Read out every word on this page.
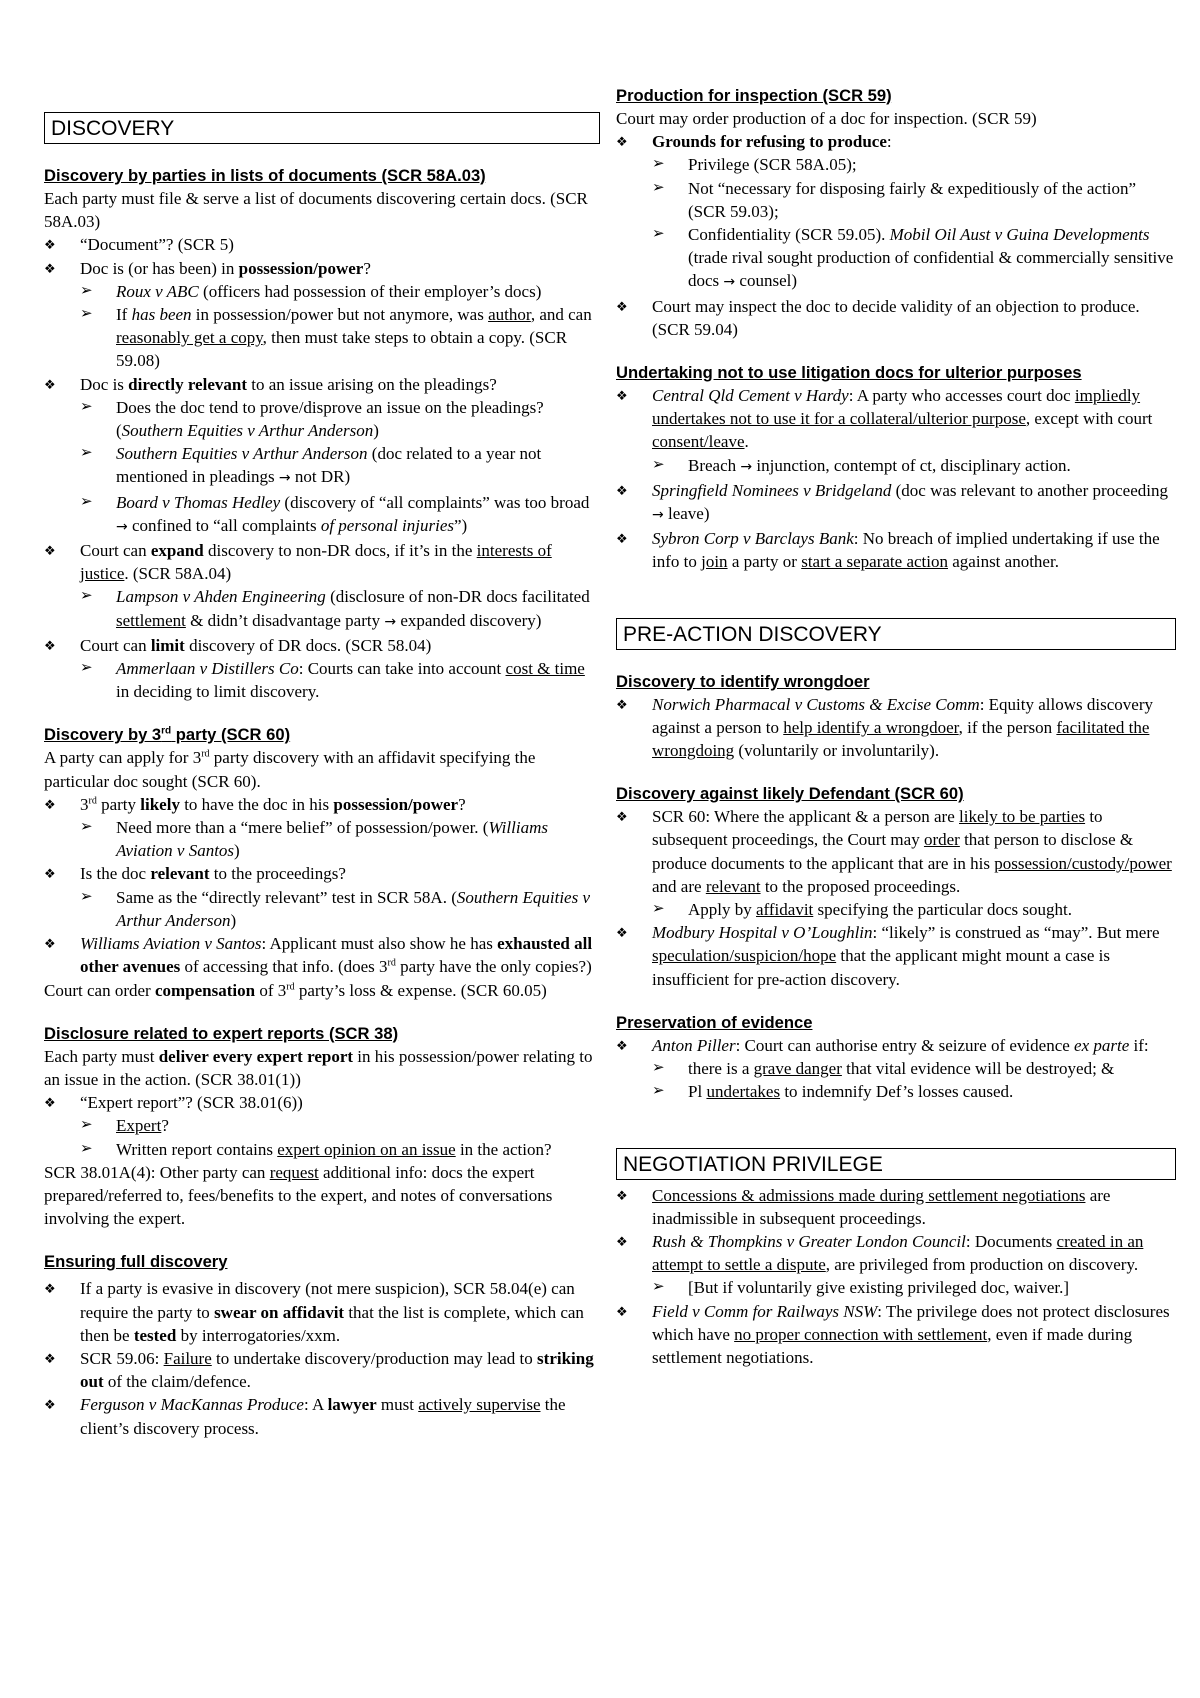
DISCOVERY
Discovery by parties in lists of documents (SCR 58A.03)

Each party must file & serve a list of documents discovering certain docs. (SCR 58A.03)

❖ “Document”? (SCR 5)
❖ Doc is (or has been) in possession/power?
➢ Roux v ABC (officers had possession of their employer’s docs)
➢ If has been in possession/power but not anymore, was author, and can reasonably get a copy, then must take steps to obtain a copy. (SCR 59.08)
❖ Doc is directly relevant to an issue arising on the pleadings?
➢ Does the doc tend to prove/disprove an issue on the pleadings? (Southern Equities v Arthur Anderson)
➢ Southern Equities v Arthur Anderson (doc related to a year not mentioned in pleadings → not DR)
➢ Board v Thomas Hedley (discovery of “all complaints” was too broad → confined to “all complaints of personal injuries”)
❖ Court can expand discovery to non-DR docs, if it’s in the interests of justice. (SCR 58A.04)
➢ Lampson v Ahden Engineering (disclosure of non-DR docs facilitated settlement & didn’t disadvantage party → expanded discovery)
❖ Court can limit discovery of DR docs. (SCR 58.04)
➢ Ammerlaan v Distillers Co: Courts can take into account cost & time in deciding to limit discovery.
Discovery by 3rd party (SCR 60)

A party can apply for 3rd party discovery with an affidavit specifying the particular doc sought (SCR 60).

❖ 3rd party likely to have the doc in his possession/power?
➢ Need more than a “mere belief” of possession/power. (Williams Aviation v Santos)
❖ Is the doc relevant to the proceedings?
➢ Same as the “directly relevant” test in SCR 58A. (Southern Equities v Arthur Anderson)
❖ Williams Aviation v Santos: Applicant must also show he has exhausted all other avenues of accessing that info. (does 3rd party have the only copies?)

Court can order compensation of 3rd party’s loss & expense. (SCR 60.05)

Disclosure related to expert reports (SCR 38)

Each party must deliver every expert report in his possession/power relating to an issue in the action. (SCR 38.01(1))

❖ “Expert report”? (SCR 38.01(6))
➢ Expert?
➢ Written report contains expert opinion on an issue in the action?

SCR 38.01A(4): Other party can request additional info: docs the expert prepared/referred to, fees/benefits to the expert, and notes of conversations involving the expert.

Ensuring full discovery
❖ If a party is evasive in discovery (not mere suspicion), SCR 58.04(e) can require the party to swear on affidavit that the list is complete, which can then be tested by interrogatories/xxm.
❖ SCR 59.06: Failure to undertake discovery/production may lead to striking out of the claim/defence.
❖ Ferguson v MacKannas Produce: A lawyer must actively supervise the client’s discovery process.
Production for inspection (SCR 59)

Court may order production of a doc for inspection. (SCR 59)

❖ Grounds for refusing to produce:
➢ Privilege (SCR 58A.05);
➢ Not “necessary for disposing fairly & expeditiously of the action” (SCR 59.03);
➢ Confidentiality (SCR 59.05). Mobil Oil Aust v Guina Developments (trade rival sought production of confidential & commercially sensitive docs → counsel)
❖ Court may inspect the doc to decide validity of an objection to produce. (SCR 59.04)
Undertaking not to use litigation docs for ulterior purposes
❖ Central Qld Cement v Hardy: A party who accesses court doc impliedly undertakes not to use it for a collateral/ulterior purpose, except with court consent/leave.
➢ Breach → injunction, contempt of ct, disciplinary action.
❖ Springfield Nominees v Bridgeland (doc was relevant to another proceeding → leave)
❖ Sybron Corp v Barclays Bank: No breach of implied undertaking if use the info to join a party or start a separate action against another.
PRE-ACTION DISCOVERY
Discovery to identify wrongdoer
❖ Norwich Pharmacal v Customs & Excise Comm: Equity allows discovery against a person to help identify a wrongdoer, if the person facilitated the wrongdoing (voluntarily or involuntarily).
Discovery against likely Defendant (SCR 60)
❖ SCR 60: Where the applicant & a person are likely to be parties to subsequent proceedings, the Court may order that person to disclose & produce documents to the applicant that are in his possession/custody/power and are relevant to the proposed proceedings.
➢ Apply by affidavit specifying the particular docs sought.
❖ Modbury Hospital v O’Loughlin: “likely” is construed as “may”. But mere speculation/suspicion/hope that the applicant might mount a case is insufficient for pre-action discovery.
Preservation of evidence
❖ Anton Piller: Court can authorise entry & seizure of evidence ex parte if:
➢ there is a grave danger that vital evidence will be destroyed; &
➢ Pl undertakes to indemnify Def’s losses caused.
NEGOTIATION PRIVILEGE
❖ Concessions & admissions made during settlement negotiations are inadmissible in subsequent proceedings.
❖ Rush & Thompkins v Greater London Council: Documents created in an attempt to settle a dispute, are privileged from production on discovery.
➢ [But if voluntarily give existing privileged doc, waiver.]
❖ Field v Comm for Railways NSW: The privilege does not protect disclosures which have no proper connection with settlement, even if made during settlement negotiations.
